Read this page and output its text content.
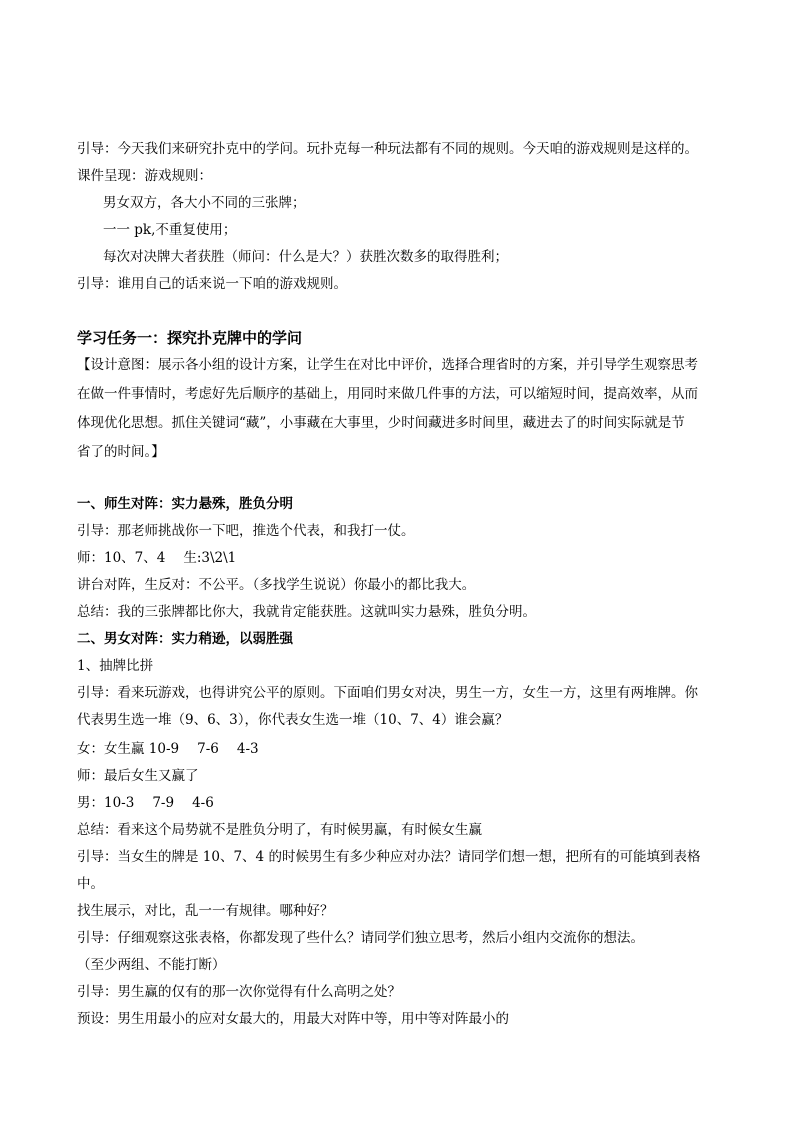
引导：今天我们来研究扑克中的学问。玩扑克每一种玩法都有不同的规则。今天咱的游戏规则是这样的。
课件呈现：游戏规则：
男女双方，各大小不同的三张牌；
一一 pk,不重复使用；
每次对决牌大者获胜（师问：什么是大？）获胜次数多的取得胜利；
引导：谁用自己的话来说一下咱的游戏规则。
学习任务一：探究扑克牌中的学问
【设计意图：展示各小组的设计方案，让学生在对比中评价，选择合理省时的方案，并引导学生观察思考
在做一件事情时，考虑好先后顺序的基础上，用同时来做几件事的方法，可以缩短时间，提高效率，从而
体现优化思想。抓住关键词“藏”，小事藏在大事里，少时间藏进多时间里，藏进去了的时间实际就是节
省了的时间。】
一、师生对阵：实力悬殊，胜负分明
引导：那老师挑战你一下吧，推选个代表，和我打一仗。
师：10、7、4 生:3\2\1
讲台对阵，生反对：不公平。（多找学生说说）你最小的都比我大。
总结：我的三张牌都比你大，我就肯定能获胜。这就叫实力悬殊，胜负分明。
二、男女对阵：实力稍逊，以弱胜强
1、抽牌比拼
引导：看来玩游戏，也得讲究公平的原则。下面咱们男女对决，男生一方，女生一方，这里有两堆牌。你
代表男生选一堆（9、6、3），你代表女生选一堆（10、7、4）谁会赢？
女：女生赢 10-9 7-6 4-3
师：最后女生又赢了
男：10-3 7-9 4-6
总结：看来这个局势就不是胜负分明了，有时候男赢，有时候女生赢
引导：当女生的牌是 10、7、4 的时候男生有多少种应对办法？请同学们想一想，把所有的可能填到表格
中。
找生展示，对比，乱一一有规律。哪种好？
引导：仔细观察这张表格，你都发现了些什么？请同学们独立思考，然后小组内交流你的想法。
（至少两组、不能打断）
引导：男生赢的仅有的那一次你觉得有什么高明之处？
预设：男生用最小的应对女最大的，用最大对阵中等，用中等对阵最小的
